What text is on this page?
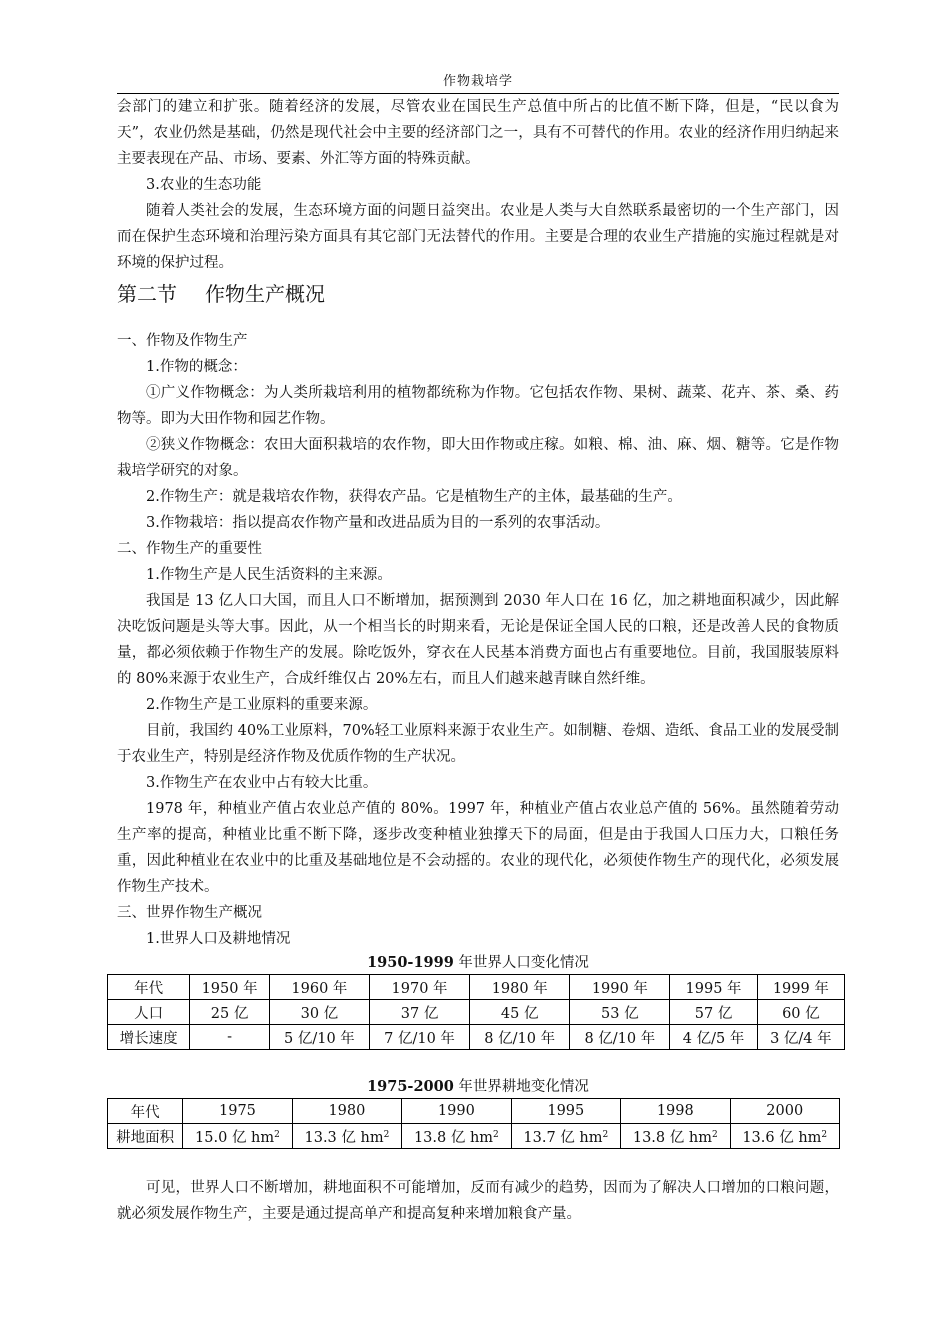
作物栽培学

会部门的建立和扩张。随着经济的发展，尽管农业在国民生产总值中所占的比值不断下降，但是，“民以食为天”，农业仍然是基础，仍然是现代社会中主要的经济部门之一，具有不可替代的作用。农业的经济作用归纳起来主要表现在产品、市场、要素、外汇等方面的特殊贡献。

3.农业的生态功能

随着人类社会的发展，生态环境方面的问题日益突出。农业是人类与大自然联系最密切的一个生产部门，因而在保护生态环境和治理污染方面具有其它部门无法替代的作用。主要是合理的农业生产措施的实施过程就是对环境的保护过程。

第二节 作物生产概况

一、作物及作物生产

1.作物的概念：

①广义作物概念：为人类所栽培利用的植物都统称为作物。它包括农作物、果树、蔬菜、花卉、茶、桑、药物等。即为大田作物和园艺作物。

②狭义作物概念：农田大面积栽培的农作物，即大田作物或庄稼。如粮、棉、油、麻、烟、糖等。它是作物栽培学研究的对象。

2.作物生产：就是栽培农作物，获得农产品。它是植物生产的主体，最基础的生产。

3.作物栽培：指以提高农作物产量和改进品质为目的一系列的农事活动。

二、作物生产的重要性

1.作物生产是人民生活资料的主来源。

我国是 13 亿人口大国，而且人口不断增加，据预测到 2030 年人口在 16 亿，加之耕地面积减少，因此解决吃饭问题是头等大事。因此，从一个相当长的时期来看，无论是保证全国人民的口粮，还是改善人民的食物质量，都必须依赖于作物生产的发展。除吃饭外，穿衣在人民基本消费方面也占有重要地位。目前，我国服装原料的 80%来源于农业生产，合成纤维仅占 20%左右，而且人们越来越青睐自然纤维。

2.作物生产是工业原料的重要来源。

目前，我国约 40%工业原料，70%轻工业原料来源于农业生产。如制糖、卷烟、造纸、食品工业的发展受制于农业生产，特别是经济作物及优质作物的生产状况。

3.作物生产在农业中占有较大比重。

1978 年，种植业产值占农业总产值的 80%。1997 年，种植业产值占农业总产值的 56%。虽然随着劳动生产率的提高，种植业比重不断下降，逐步改变种植业独撑天下的局面，但是由于我国人口压力大，口粮任务重，因此种植业在农业中的比重及基础地位是不会动摇的。农业的现代化，必须使作物生产的现代化，必须发展作物生产技术。

三、世界作物生产概况

1.世界人口及耕地情况

1950-1999 年世界人口变化情况
年代	1950 年	1960 年	1970 年	1980 年	1990 年	1995 年	1999 年
人口	25 亿	30 亿	37 亿	45 亿	53 亿	57 亿	60 亿
增长速度	-	5 亿/10 年	7 亿/10 年	8 亿/10 年	8 亿/10 年	4 亿/5 年	3 亿/4 年
1975-2000 年世界耕地变化情况
年代	1975	1980	1990	1995	1998	2000
耕地面积	15.0 亿 $hm^2$	13.3 亿 $hm^2$	13.8 亿 $hm^2$	13.7 亿 $hm^2$	13.8 亿 $hm^2$	13.6 亿 $hm^2$

可见，世界人口不断增加，耕地面积不可能增加，反而有减少的趋势，因而为了解决人口增加的口粮问题，就必须发展作物生产，主要是通过提高单产和提高复种来增加粮食产量。
